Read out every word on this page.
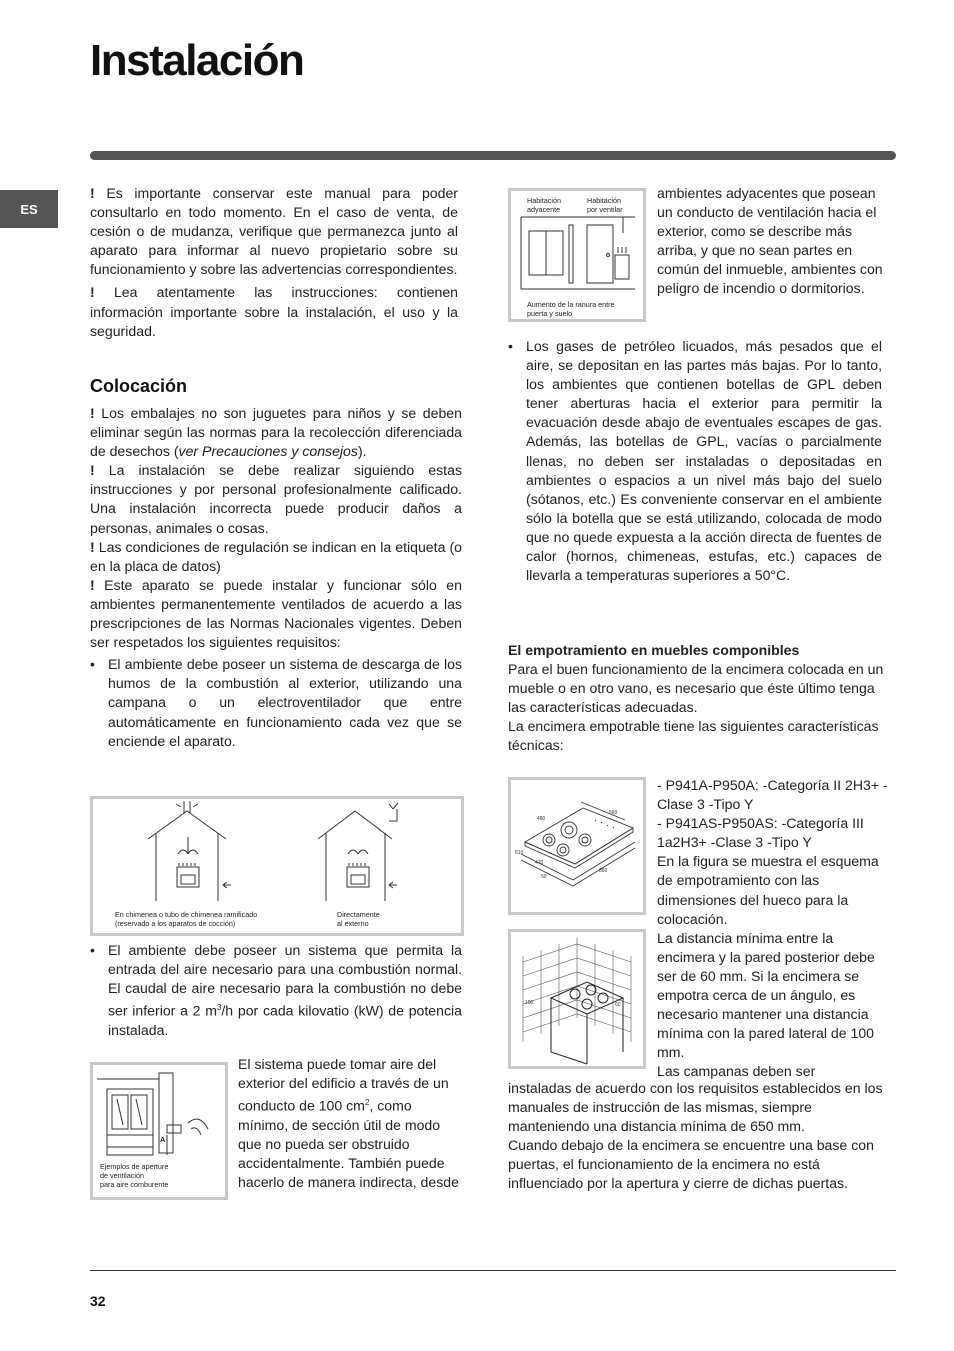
Instalación
ES

! Es importante conservar este manual para poder consultarlo en todo momento. En el caso de venta, de cesión o de mudanza, verifique que permanezca junto al aparato para informar al nuevo propietario sobre su funcionamiento y sobre las advertencias correspondientes.

! Lea atentamente las instrucciones: contienen información importante sobre la instalación, el uso y la seguridad.

Colocación

! Los embalajes no son juguetes para niños y se deben eliminar según las normas para la recolección diferenciada de desechos (ver Precauciones y consejos).

! La instalación se debe realizar siguiendo estas instrucciones y por personal profesionalmente calificado. Una instalación incorrecta puede producir daños a personas, animales o cosas.

! Las condiciones de regulación se indican en la etiqueta (o en la placa de datos)

! Este aparato se puede instalar y funcionar sólo en ambientes permanentemente ventilados de acuerdo a las prescripciones de las Normas Nacionales vigentes. Deben ser respetados los siguientes requisitos:

• El ambiente debe poseer un sistema de descarga de los humos de la combustión al exterior, utilizando una campana o un electroventilador que entre automáticamente en funcionamiento cada vez que se enciende el aparato.

En chimenea o tubo de chimenea ramificado
(reservado a los aparatos de cocción)
Directamente
al externo

• El ambiente debe poseer un sistema que permita la entrada del aire necesario para una combustión normal. El caudal de aire necesario para la combustión no debe ser inferior a 2 $m^3/h$ por cada kilovatio (kW) de potencia instalada.

A
Ejemplos de aperture
de ventilación
para aire comburente

El sistema puede tomar aire del exterior del edificio a través de un conducto de 100 $cm^2$, como mínimo, de sección útil de modo que no pueda ser obstruido accidentalmente. También puede hacerlo de manera indirecta, desde

Habitación
adyacente
Habitación
por ventilar
Aumento de la ranura entre
puerta y suelo
ambientes adyacentes que posean un conducto de ventilación hacia el exterior, como se describe más arriba, y que no sean partes en común del inmueble, ambientes con peligro de incendio o dormitorios.

• Los gases de petróleo licuados, más pesados que el aire, se depositan en las partes más bajas. Por lo tanto, los ambientes que contienen botellas de GPL deben tener aberturas hacia el exterior para permitir la evacuación desde abajo de eventuales escapes de gas. Además, las botellas de GPL, vacías o parcialmente llenas, no deben ser instaladas o depositadas en ambientes o espacios a un nivel más bajo del suelo (sótanos, etc.) Es conveniente conservar en el ambiente sólo la botella que se está utilizando, colocada de modo que no quede expuesta a la acción directa de fuentes de calor (hornos, chimeneas, estufas, etc.) capaces de llevarla a temperaturas superiores a 50°C.

El empotramiento en muebles componibles

Para el buen funcionamiento de la encimera colocada en un mueble o en otro vano, es necesario que éste último tenga las características adecuadas.

La encimera empotrable tiene las siguientes características técnicas:

480
560
510
470
860
50
100	60

- P941A-P950A: -Categoría II 2H3+ -Clase 3 -Tipo Y

- P941AS-P950AS: -Categoría III 1a2H3+ -Clase 3 -Tipo Y

En la figura se muestra el esquema de empotramiento con las dimensiones del hueco para la colocación.

La distancia mínima entre la encimera y la pared posterior debe ser de 60 mm. Si la encimera se empotra cerca de un ángulo, es necesario mantener una distancia mínima con la pared lateral de 100 mm.

Las campanas deben ser

instaladas de acuerdo con los requisitos establecidos en los manuales de instrucción de las mismas, siempre manteniendo una distancia mínima de 650 mm.

Cuando debajo de la encimera se encuentre una base con puertas, el funcionamiento de la encimera no está influenciado por la apertura y cierre de dichas puertas.

32
